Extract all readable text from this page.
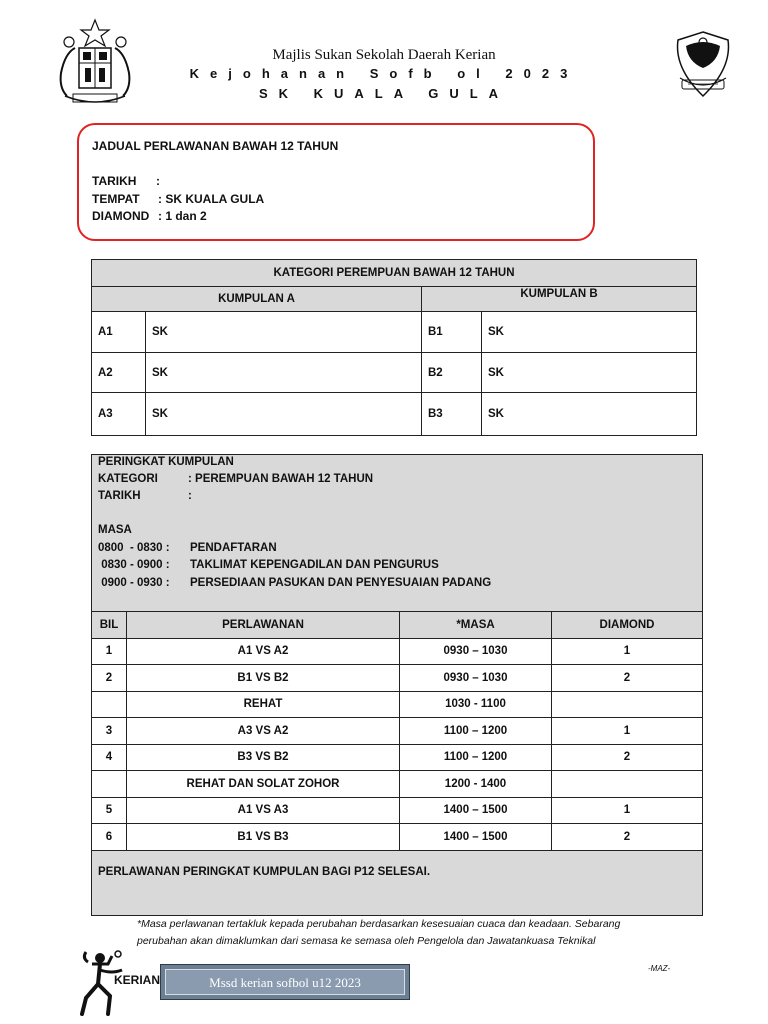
Majlis Sukan Sekolah Daerah Kerian
Kejohanan Sofb ol 2023
SK KUALA GULA
JADUAL PERLAWANAN BAWAH 12 TAHUN
TARIKH :
TEMPAT : SK KUALA GULA
DIAMOND : 1 dan 2
KATEGORI PEREMPUAN BAWAH 12 TAHUN			
KUMPULAN A		KUMPULAN B	
A1	SK	B1	SK
A2	SK	B2	SK
A3	SK	B3	SK
PERINGKAT KUMPULAN
KATEGORI	: PEREMPUAN BAWAH 12 TAHUN
TARIKH	:
MASA
0800  - 0830 : PENDAFTARAN
0830 - 0900 : TAKLIMAT KEPENGADILAN DAN PENGURUS
0900 - 0930 : PERSEDIAAN PASUKAN DAN PENYESUAIAN PADANG
PERLAWANAN PERINGKAT KUMPULAN BAGI P12 SELESAI.
BIL	PERLAWANAN	*MASA	DIAMOND
1	A1 VS A2	0930 – 1030	1
2	B1 VS B2	0930 – 1030	2
	REHAT	1030 - 1100	
3	A3 VS A2	1100 – 1200	1
4	B3 VS B2	1100 – 1200	2
	REHAT DAN SOLAT ZOHOR	1200 - 1400	
5	A1 VS A3	1400 – 1500	1
6	B1 VS B3	1400 – 1500	2
*Masa perlawanan tertakluk kepada perubahan berdasarkan kesesuaian cuaca dan keadaan. Sebarang
perubahan akan dimaklumkan dari semasa ke semasa oleh Pengelola dan Jawatankuasa Teknikal
KERIAN	Mssd kerian sofbol u12 2023
-MAZ-
